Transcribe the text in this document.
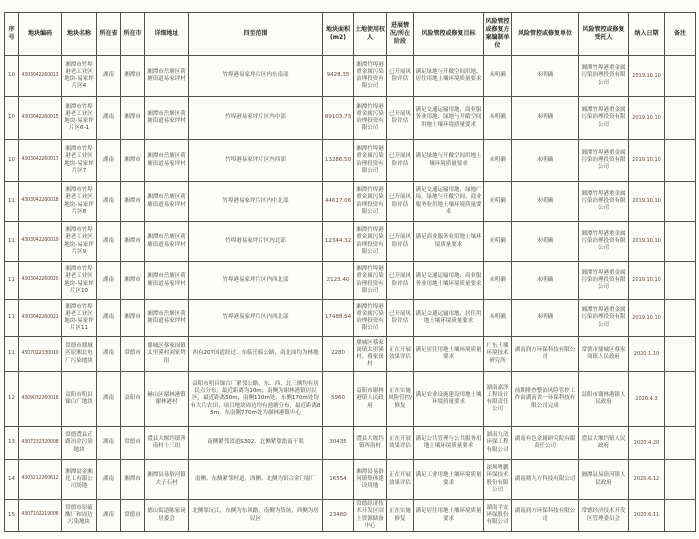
序号	地块编码	地块名称	所在省	所在市	详细地址	四至范围	地块面积(m2)	土地使用权人	进展情况/所在阶段	风险管控或修复目标	风险管控或修复方案编制单位	风险管控或修复单位	风险管控或修复受托人	纳入日期	备注
10	4303042260013	湘潭市竹埠港老工业区地块-易家坪片区4	湖南	湘潭市	湘潭市岳塘区荷塘街道易家坪村	竹埠港易家坪片区内东南部	9428.35	湘潭竹埠港重金属污染治理投资有限公司	已开展风险评估	满足绿地与开敞空间用地、居住用地土壤环境质量要求	未明确	未明确	湘潭竹埠港重金属污染治理投资有限公司	2019.10.10	
10	4303042260015	湘潭市竹埠港老工业区地块-易家坪片区6-1	湖南	湘潭市	湘潭市岳塘区荷塘街道易家坪村	竹埠港易家坪片区内中部	89103.73	湘潭竹埠港重金属污染治理投资有限公司	已开展风险评估	满足交通运输用地、商业服务业用地、绿地与开敞空间用地土壤环境质量要求	未明确	未明确	湘潭竹埠港重金属污染治理投资有限公司	2019.10.10	
10	4303042260017	湘潭市竹埠港老工业区地块-易家坪片区7	湖南	湘潭市	湘潭市岳塘区荷塘街道易家坪村	竹埠港易家坪片区内西部	13286.50	湘潭竹埠港重金属污染治理投资有限公司	已开展风险评估	满足绿地与开敞空间用地土壤环境质量要求	未明确	未明确	湘潭竹埠港重金属污染治理投资有限公司	2019.10.10	
11	4303042260018	湘潭市竹埠港老工业区地块-易家坪片区8	湖南	湘潭市	湘潭市岳塘区荷塘街道易家坪村	竹埠港易家坪片区内中北部	44617.06	湘潭竹埠港重金属污染治理投资有限公司	已开展风险评估	满足交通运输用地、绿地广场、绿地与开敞空间、商业服务业用地土壤环境质量要求	未明确	未明确	湘潭竹埠港重金属污染治理投资有限公司	2019.10.10	
11	4303042260019	湘潭市竹埠港老工业区地块-易家坪片区9	湖南	湘潭市	湘潭市岳塘区荷塘街道易家坪村	竹埠港易家坪片区内北部	12344.32	湘潭竹埠港重金属污染治理投资有限公司	已开展风险评估	满足商业服务业用地土壤环境质量要求	未明确	未明确	湘潭竹埠港重金属污染治理投资有限公司	2019.10.10	
11	4303042260020	湘潭市竹埠港老工业区地块-易家坪片区10	湖南	湘潭市	湘潭市岳塘区荷塘街道易家坪村	竹埠港易家坪片区内西北部	2123.40	湘潭竹埠港重金属污染治理投资有限公司	已开展风险评估	满足交通运输用地、商业服务业用地土壤环境质量要求	未明确	未明确	湘潭竹埠港重金属污染治理投资有限公司	2019.10.10	
11	4303042260021	湘潭市竹埠港老工业区地块-易家坪片区11	湖南	湘潭市	湘潭市岳塘区荷塘街道易家坪村	竹埠港易家坪片区内西北部	17488.54	湘潭竹埠港重金属污染治理投资有限公司	已开展风险评估	满足交通运输用地、居住用地土壤环境质量要求	未明确	未明确	湘潭竹埠港重金属污染治理投资有限公司	2019.10.10	
11	4307022330010	常德市鼎城区原湘北电厂污染地块	湖南	常德市	鼎城区蔡家岗镇太里溪村刘家塆组	西有207国道经过、东临岳临公路、南北面均为林地	2280	鼎城区蔡家岗镇太里溪村、蔡家岗村	正在开展效果评估	满足居住用地土壤环境质量要求	广东土壤环境技术研究所	湖南润方环保科技有限公司	常德市鼎城区蔡家岗镇人民政府	2020.1.10	
12	4309032260016	益阳市明昌锑白厂地块	湖南	益阳市	赫山区谢林港镇谢林港村	益阳市明昌锑白厂紧邻公路，东、西、北三侧均有居民点分布，最近距离为10m；南侧为谢林港镇居民区，最近距离50m，南侧110m处、东侧170m处均有大片农田；项目地块周边均有池塘分布，最近距离85m，东南侧770m处为谢林港镇中心	5960	益阳市谢林港镇人民政府	正在实施风险管控/修复	满足农业设施建设用地土壤环境质量要求	湖南嘉泽工程设计有限责任公司	前期排查整治风险管控工作由湖南省一环保科技有限公司完成	益阳市谢林港镇人民政府	2020.4.3	
13	4307232320008	常德澧县正路冶企污染地块	湖南	常德市	澧县大堰垱镇涔南村十三组	南侧紧邻省道S302，北侧紧靠澹南干渠	30435	澧县大堰垱镇涔南村	正在开展效果评估	满足公共管理与公共服务用地土壤环境质量要求	湖南九清环保工程有限公司	湖南有色金属研究院有限责任公司	澧县大堰垱镇人民政府	2020.4.20	
14	4303212260612	湘潭县金湘化工有限公司场地	湖南	湘潭市	湘潭县易俗河镇夫子石村	南侧、东侧紧邻村道，西侧、北侧为铝合金门窗厂	16554	湘潭县易俗河镇集体建设用地	正在开展效果评估	满足工业用地土壤环境质量要求	深圳粤鹏环保技术股份有限公司	湖南鼎九方科技有限公司	湘潭县易俗河镇人民政府	2020.6.12	
15	4307102219006	常德市原硫酸厂和周边污染地块	湖南	常德市	德山街道陈家岗居委会	北侧靠沅江，东侧为东风路，南侧为货场，西侧为居民区	23480	常德经济技术开发区国土资源储备中心	正在实施修复	满足居住用地土壤环境质量要求	湖南平安环保股份有限公司	湖南润方环保科技有限公司	常德经济技术开发区管理委员会	2020.6.11	
